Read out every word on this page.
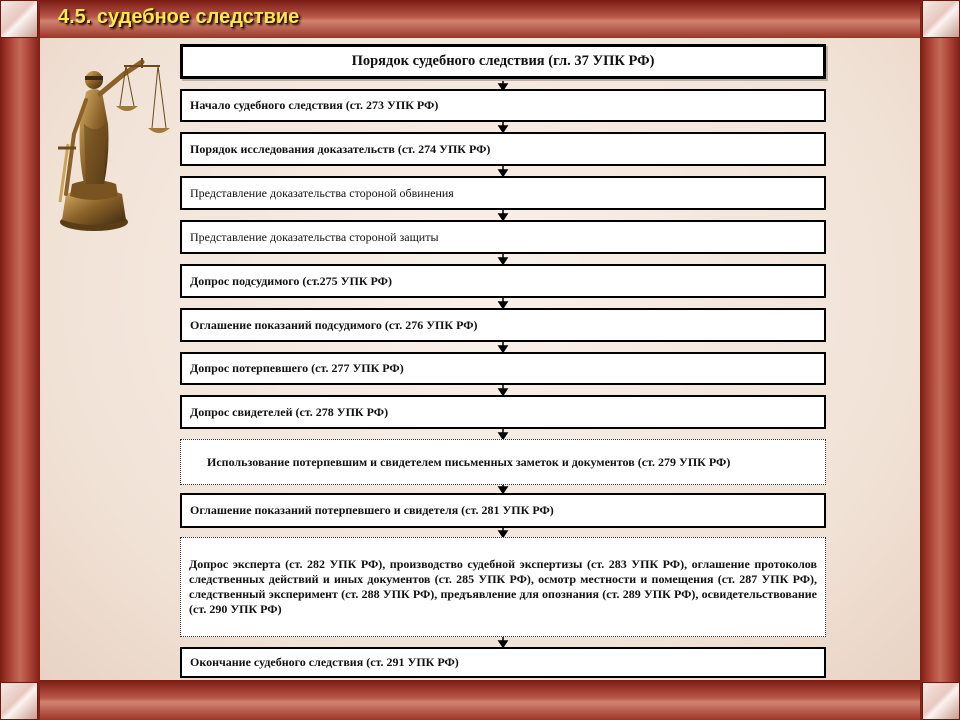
4.5. судебное следствие
Порядок судебного следствия (гл. 37 УПК РФ)
Начало судебного следствия (ст. 273 УПК РФ)
Порядок исследования доказательств (ст. 274 УПК РФ)
Представление доказательства стороной обвинения
Представление доказательства стороной защиты
Допрос подсудимого (ст.275 УПК РФ)
Оглашение показаний подсудимого (ст. 276 УПК РФ)
Допрос потерпевшего (ст. 277 УПК РФ)
Допрос свидетелей (ст. 278 УПК РФ)
Использование потерпевшим и свидетелем письменных заметок и документов (ст. 279 УПК РФ)
Оглашение показаний потерпевшего и свидетеля (ст. 281 УПК РФ)
Допрос эксперта (ст. 282 УПК РФ), производство судебной экспертизы (ст. 283 УПК РФ), оглашение протоколов следственных действий и иных документов (ст. 285 УПК РФ), осмотр местности и помещения (ст. 287 УПК РФ), следственный эксперимент (ст. 288 УПК РФ), предъявление для опознания (ст. 289 УПК РФ), освидетельствование (ст. 290 УПК РФ)
Окончание судебного следствия (ст. 291 УПК РФ)
